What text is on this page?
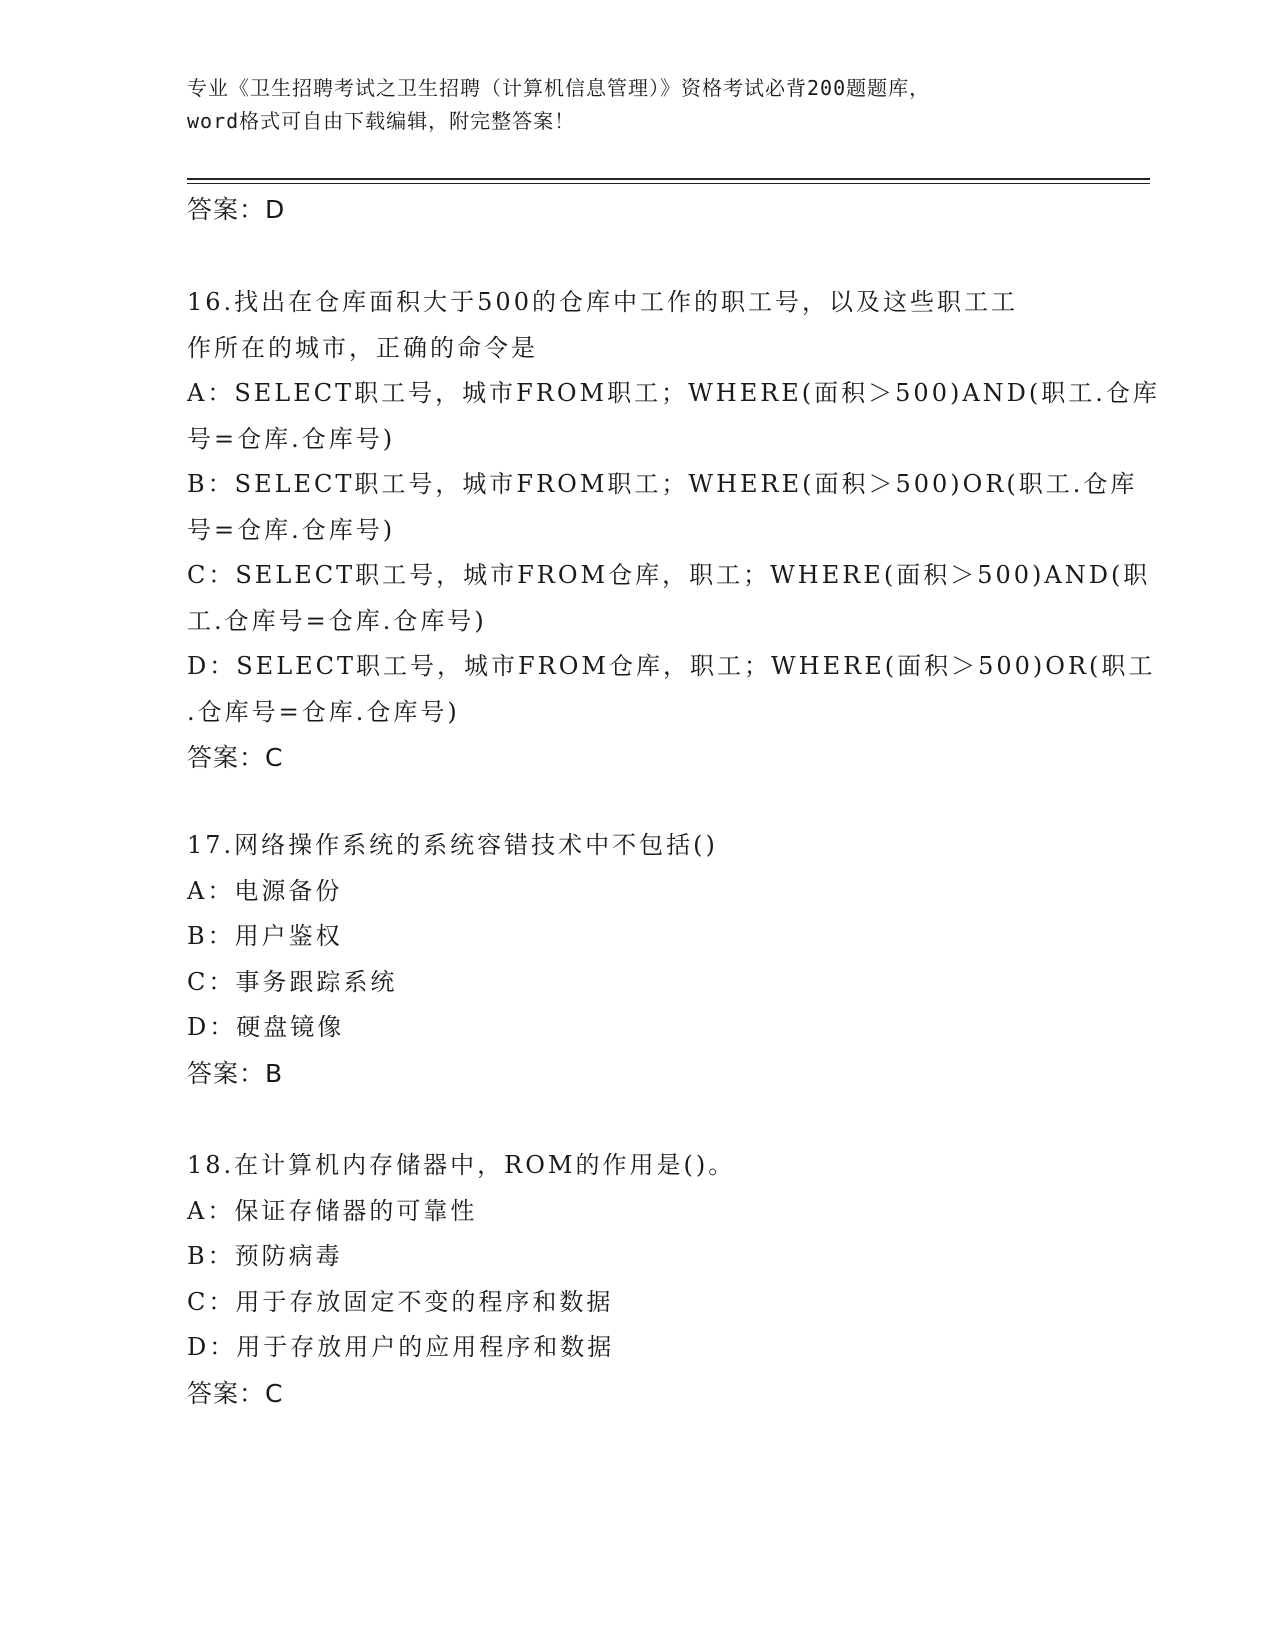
专业《卫生招聘考试之卫生招聘（计算机信息管理）》资格考试必背200题题库，
word格式可自由下载编辑，附完整答案！
答案：D
16.找出在仓库面积大于500的仓库中工作的职工号，以及这些职工工
作所在的城市，正确的命令是
A：SELECT职工号，城市FROM职工；WHERE(面积＞500)AND(职工.仓库
号=仓库.仓库号)
B：SELECT职工号，城市FROM职工；WHERE(面积＞500)OR(职工.仓库
号=仓库.仓库号)
C：SELECT职工号，城市FROM仓库，职工；WHERE(面积＞500)AND(职
工.仓库号=仓库.仓库号)
D：SELECT职工号，城市FROM仓库，职工；WHERE(面积＞500)OR(职工
.仓库号=仓库.仓库号)
答案：C
17.网络操作系统的系统容错技术中不包括()
A：电源备份
B：用户鉴权
C：事务跟踪系统
D：硬盘镜像
答案：B
18.在计算机内存储器中，ROM的作用是()。
A：保证存储器的可靠性
B：预防病毒
C：用于存放固定不变的程序和数据
D：用于存放用户的应用程序和数据
答案：C
